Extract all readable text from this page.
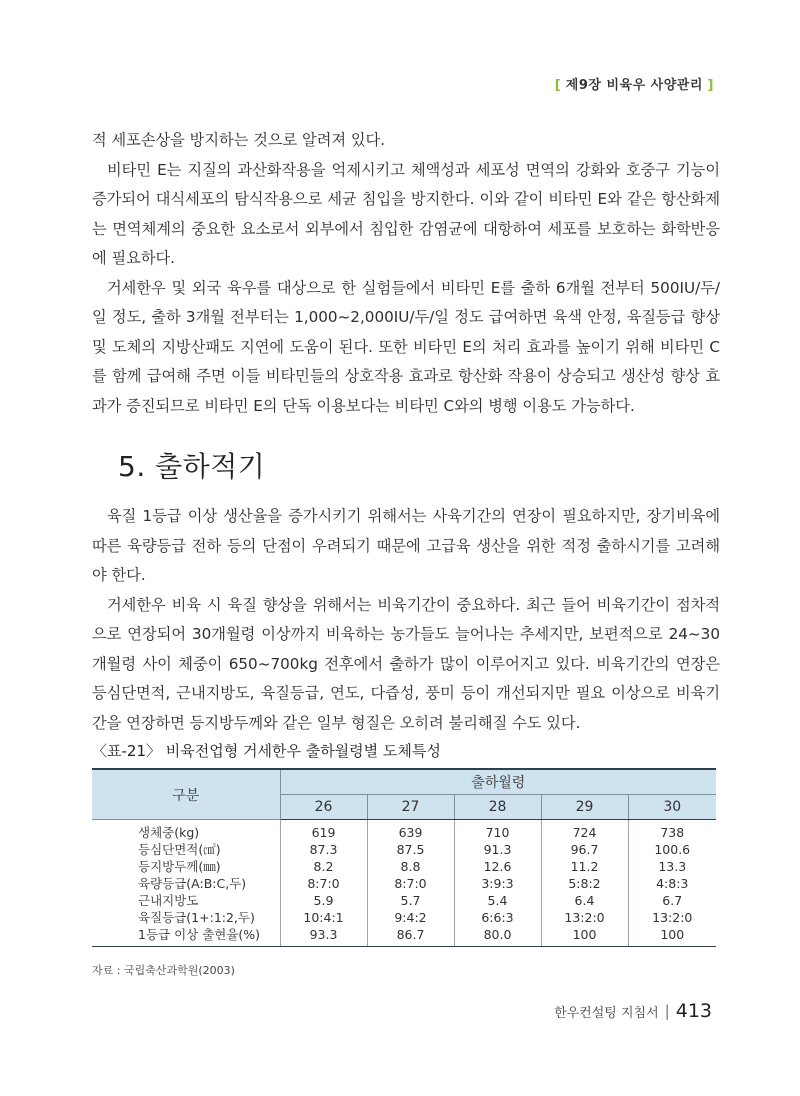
[ 제9장 비육우 사양관리 ]

적 세포손상을 방지하는 것으로 알려져 있다.

비타민 E는 지질의 과산화작용을 억제시키고 체액성과 세포성 면역의 강화와 호중구 기능이 증가되어 대식세포의 탐식작용으로 세균 침입을 방지한다. 이와 같이 비타민 E와 같은 항산화제는 면역체계의 중요한 요소로서 외부에서 침입한 감염균에 대항하여 세포를 보호하는 화학반응에 필요하다.

거세한우 및 외국 육우를 대상으로 한 실험들에서 비타민 E를 출하 6개월 전부터 500IU/두/일 정도, 출하 3개월 전부터는 1,000~2,000IU/두/일 정도 급여하면 육색 안정, 육질등급 향상 및 도체의 지방산패도 지연에 도움이 된다. 또한 비타민 E의 처리 효과를 높이기 위해 비타민 C를 함께 급여해 주면 이들 비타민들의 상호작용 효과로 항산화 작용이 상승되고 생산성 향상 효과가 증진되므로 비타민 E의 단독 이용보다는 비타민 C와의 병행 이용도 가능하다.

5. 출하적기

육질 1등급 이상 생산율을 증가시키기 위해서는 사육기간의 연장이 필요하지만, 장기비육에 따른 육량등급 전하 등의 단점이 우려되기 때문에 고급육 생산을 위한 적정 출하시기를 고려해야 한다.

거세한우 비육 시 육질 향상을 위해서는 비육기간이 중요하다. 최근 들어 비육기간이 점차적으로 연장되어 30개월령 이상까지 비육하는 농가들도 늘어나는 추세지만, 보편적으로 24~30개월령 사이 체중이 650~700kg 전후에서 출하가 많이 이루어지고 있다. 비육기간의 연장은 등심단면적, 근내지방도, 육질등급, 연도, 다즙성, 풍미 등이 개선되지만 필요 이상으로 비육기간을 연장하면 등지방두께와 같은 일부 형질은 오히려 불리해질 수도 있다.

〈표-21〉 비육전업형 거세한우 출하월령별 도체특성
구분	출하월령				
	26	27	28	29	30
생체중(kg)	619	639	710	724	738
등심단면적(㎠)	87.3	87.5	91.3	96.7	100.6
등지방두께(㎜)	8.2	8.8	12.6	11.2	13.3
육량등급(A:B:C,두)	8:7:0	8:7:0	3:9:3	5:8:2	4:8:3
근내지방도	5.9	5.7	5.4	6.4	6.7
육질등급(1+:1:2,두)	10:4:1	9:4:2	6:6:3	13:2:0	13:2:0
1등급 이상 출현율(%)	93.3	86.7	80.0	100	100
자료 : 국립축산과학원(2003)
한우컨설팅 지침서 | 413
